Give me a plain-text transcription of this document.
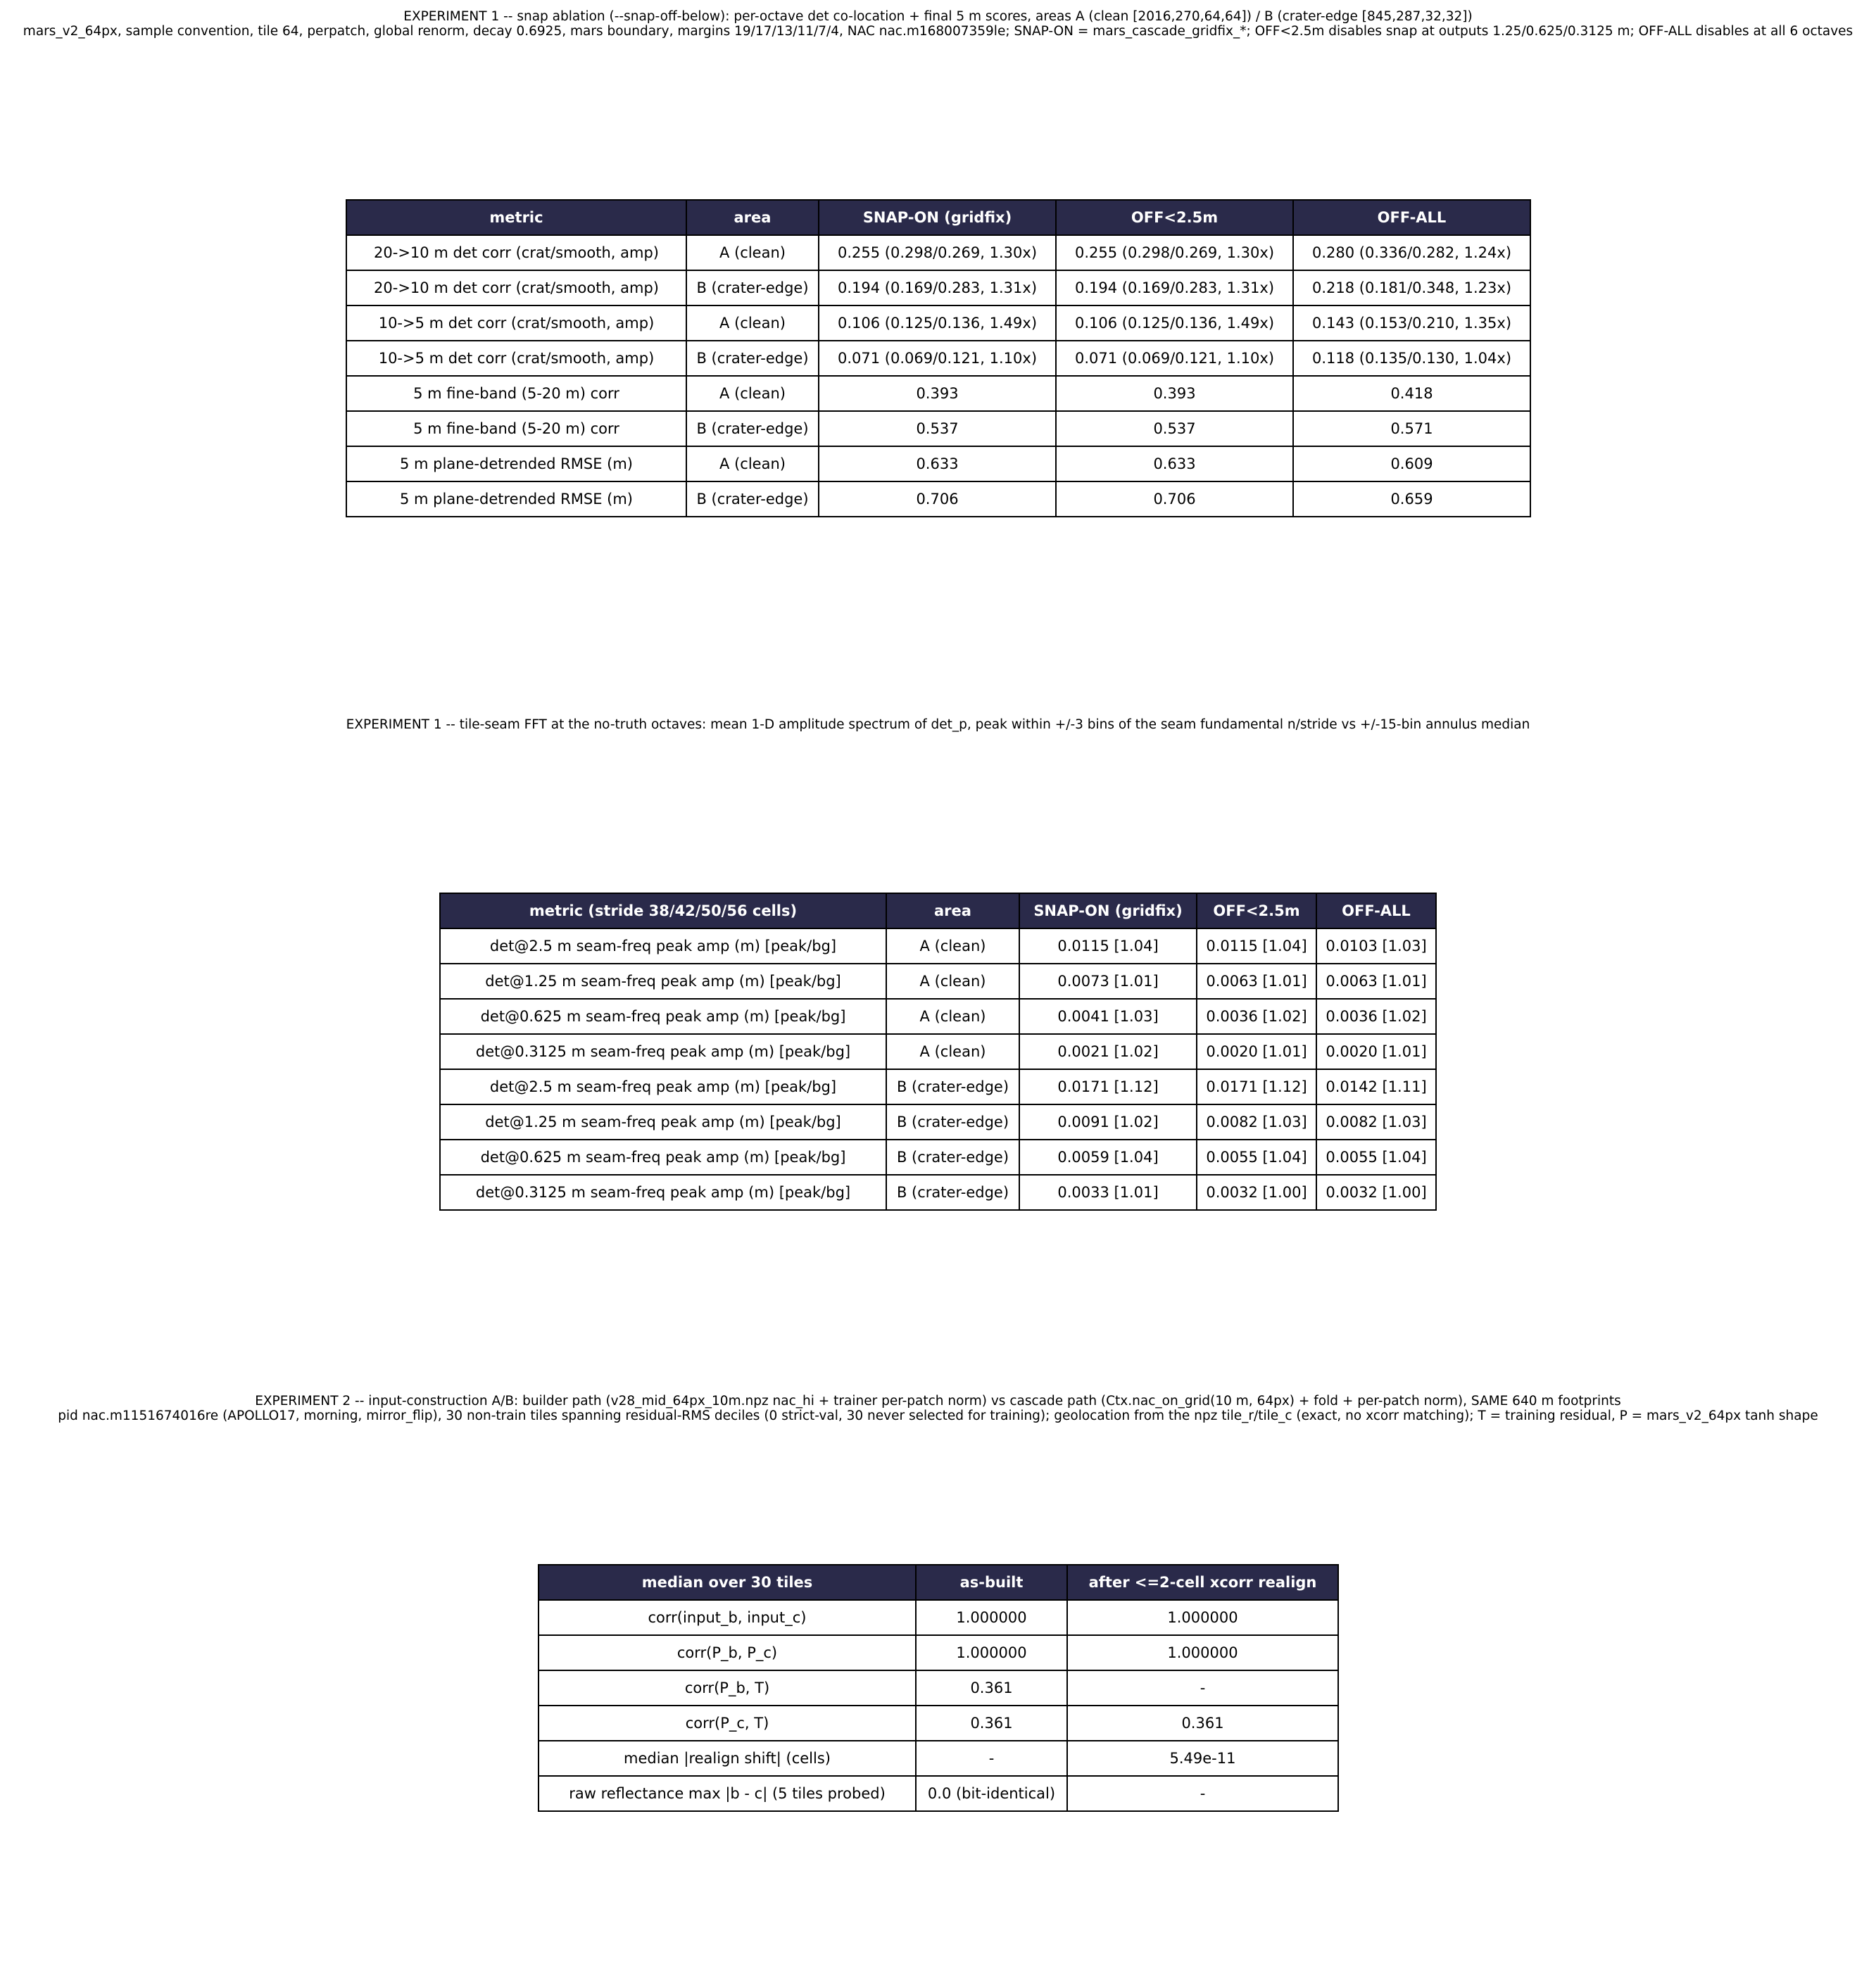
EXPERIMENT 1 -- snap ablation (--snap-off-below): per-octave det co-location + final 5 m scores, areas A (clean [2016,270,64,64]) / B (crater-edge [845,287,32,32])
mars_v2_64px, sample convention, tile 64, perpatch, global renorm, decay 0.6925, mars boundary, margins 19/17/13/11/7/4, NAC nac.m168007359le; SNAP-ON = mars_cascade_gridfix_*; OFF<2.5m disables snap at outputs 1.25/0.625/0.3125 m; OFF-ALL disables at all 6 octaves
metric	area	SNAP-ON (gridfix)	OFF<2.5m	OFF-ALL
20->10 m det corr (crat/smooth, amp)	A (clean)	0.255 (0.298/0.269, 1.30x)	0.255 (0.298/0.269, 1.30x)	0.280 (0.336/0.282, 1.24x)
20->10 m det corr (crat/smooth, amp)	B (crater-edge)	0.194 (0.169/0.283, 1.31x)	0.194 (0.169/0.283, 1.31x)	0.218 (0.181/0.348, 1.23x)
10->5 m det corr (crat/smooth, amp)	A (clean)	0.106 (0.125/0.136, 1.49x)	0.106 (0.125/0.136, 1.49x)	0.143 (0.153/0.210, 1.35x)
10->5 m det corr (crat/smooth, amp)	B (crater-edge)	0.071 (0.069/0.121, 1.10x)	0.071 (0.069/0.121, 1.10x)	0.118 (0.135/0.130, 1.04x)
5 m fine-band (5-20 m) corr	A (clean)	0.393	0.393	0.418
5 m fine-band (5-20 m) corr	B (crater-edge)	0.537	0.537	0.571
5 m plane-detrended RMSE (m)	A (clean)	0.633	0.633	0.609
5 m plane-detrended RMSE (m)	B (crater-edge)	0.706	0.706	0.659
EXPERIMENT 1 -- tile-seam FFT at the no-truth octaves: mean 1-D amplitude spectrum of det_p, peak within +/-3 bins of the seam fundamental n/stride vs +/-15-bin annulus median
metric (stride 38/42/50/56 cells)	area	SNAP-ON (gridfix)	OFF<2.5m	OFF-ALL
det@2.5 m seam-freq peak amp (m) [peak/bg]	A (clean)	0.0115 [1.04]	0.0115 [1.04]	0.0103 [1.03]
det@1.25 m seam-freq peak amp (m) [peak/bg]	A (clean)	0.0073 [1.01]	0.0063 [1.01]	0.0063 [1.01]
det@0.625 m seam-freq peak amp (m) [peak/bg]	A (clean)	0.0041 [1.03]	0.0036 [1.02]	0.0036 [1.02]
det@0.3125 m seam-freq peak amp (m) [peak/bg]	A (clean)	0.0021 [1.02]	0.0020 [1.01]	0.0020 [1.01]
det@2.5 m seam-freq peak amp (m) [peak/bg]	B (crater-edge)	0.0171 [1.12]	0.0171 [1.12]	0.0142 [1.11]
det@1.25 m seam-freq peak amp (m) [peak/bg]	B (crater-edge)	0.0091 [1.02]	0.0082 [1.03]	0.0082 [1.03]
det@0.625 m seam-freq peak amp (m) [peak/bg]	B (crater-edge)	0.0059 [1.04]	0.0055 [1.04]	0.0055 [1.04]
det@0.3125 m seam-freq peak amp (m) [peak/bg]	B (crater-edge)	0.0033 [1.01]	0.0032 [1.00]	0.0032 [1.00]
EXPERIMENT 2 -- input-construction A/B: builder path (v28_mid_64px_10m.npz nac_hi + trainer per-patch norm) vs cascade path (Ctx.nac_on_grid(10 m, 64px) + fold + per-patch norm), SAME 640 m footprints
pid nac.m1151674016re (APOLLO17, morning, mirror_flip), 30 non-train tiles spanning residual-RMS deciles (0 strict-val, 30 never selected for training); geolocation from the npz tile_r/tile_c (exact, no xcorr matching); T = training residual, P = mars_v2_64px tanh shape
median over 30 tiles	as-built	after <=2-cell xcorr realign
corr(input_b, input_c)	1.000000	1.000000
corr(P_b, P_c)	1.000000	1.000000
corr(P_b, T)	0.361	-
corr(P_c, T)	0.361	0.361
median |realign shift| (cells)	-	5.49e-11
raw reflectance max |b - c| (5 tiles probed)	0.0 (bit-identical)	-
